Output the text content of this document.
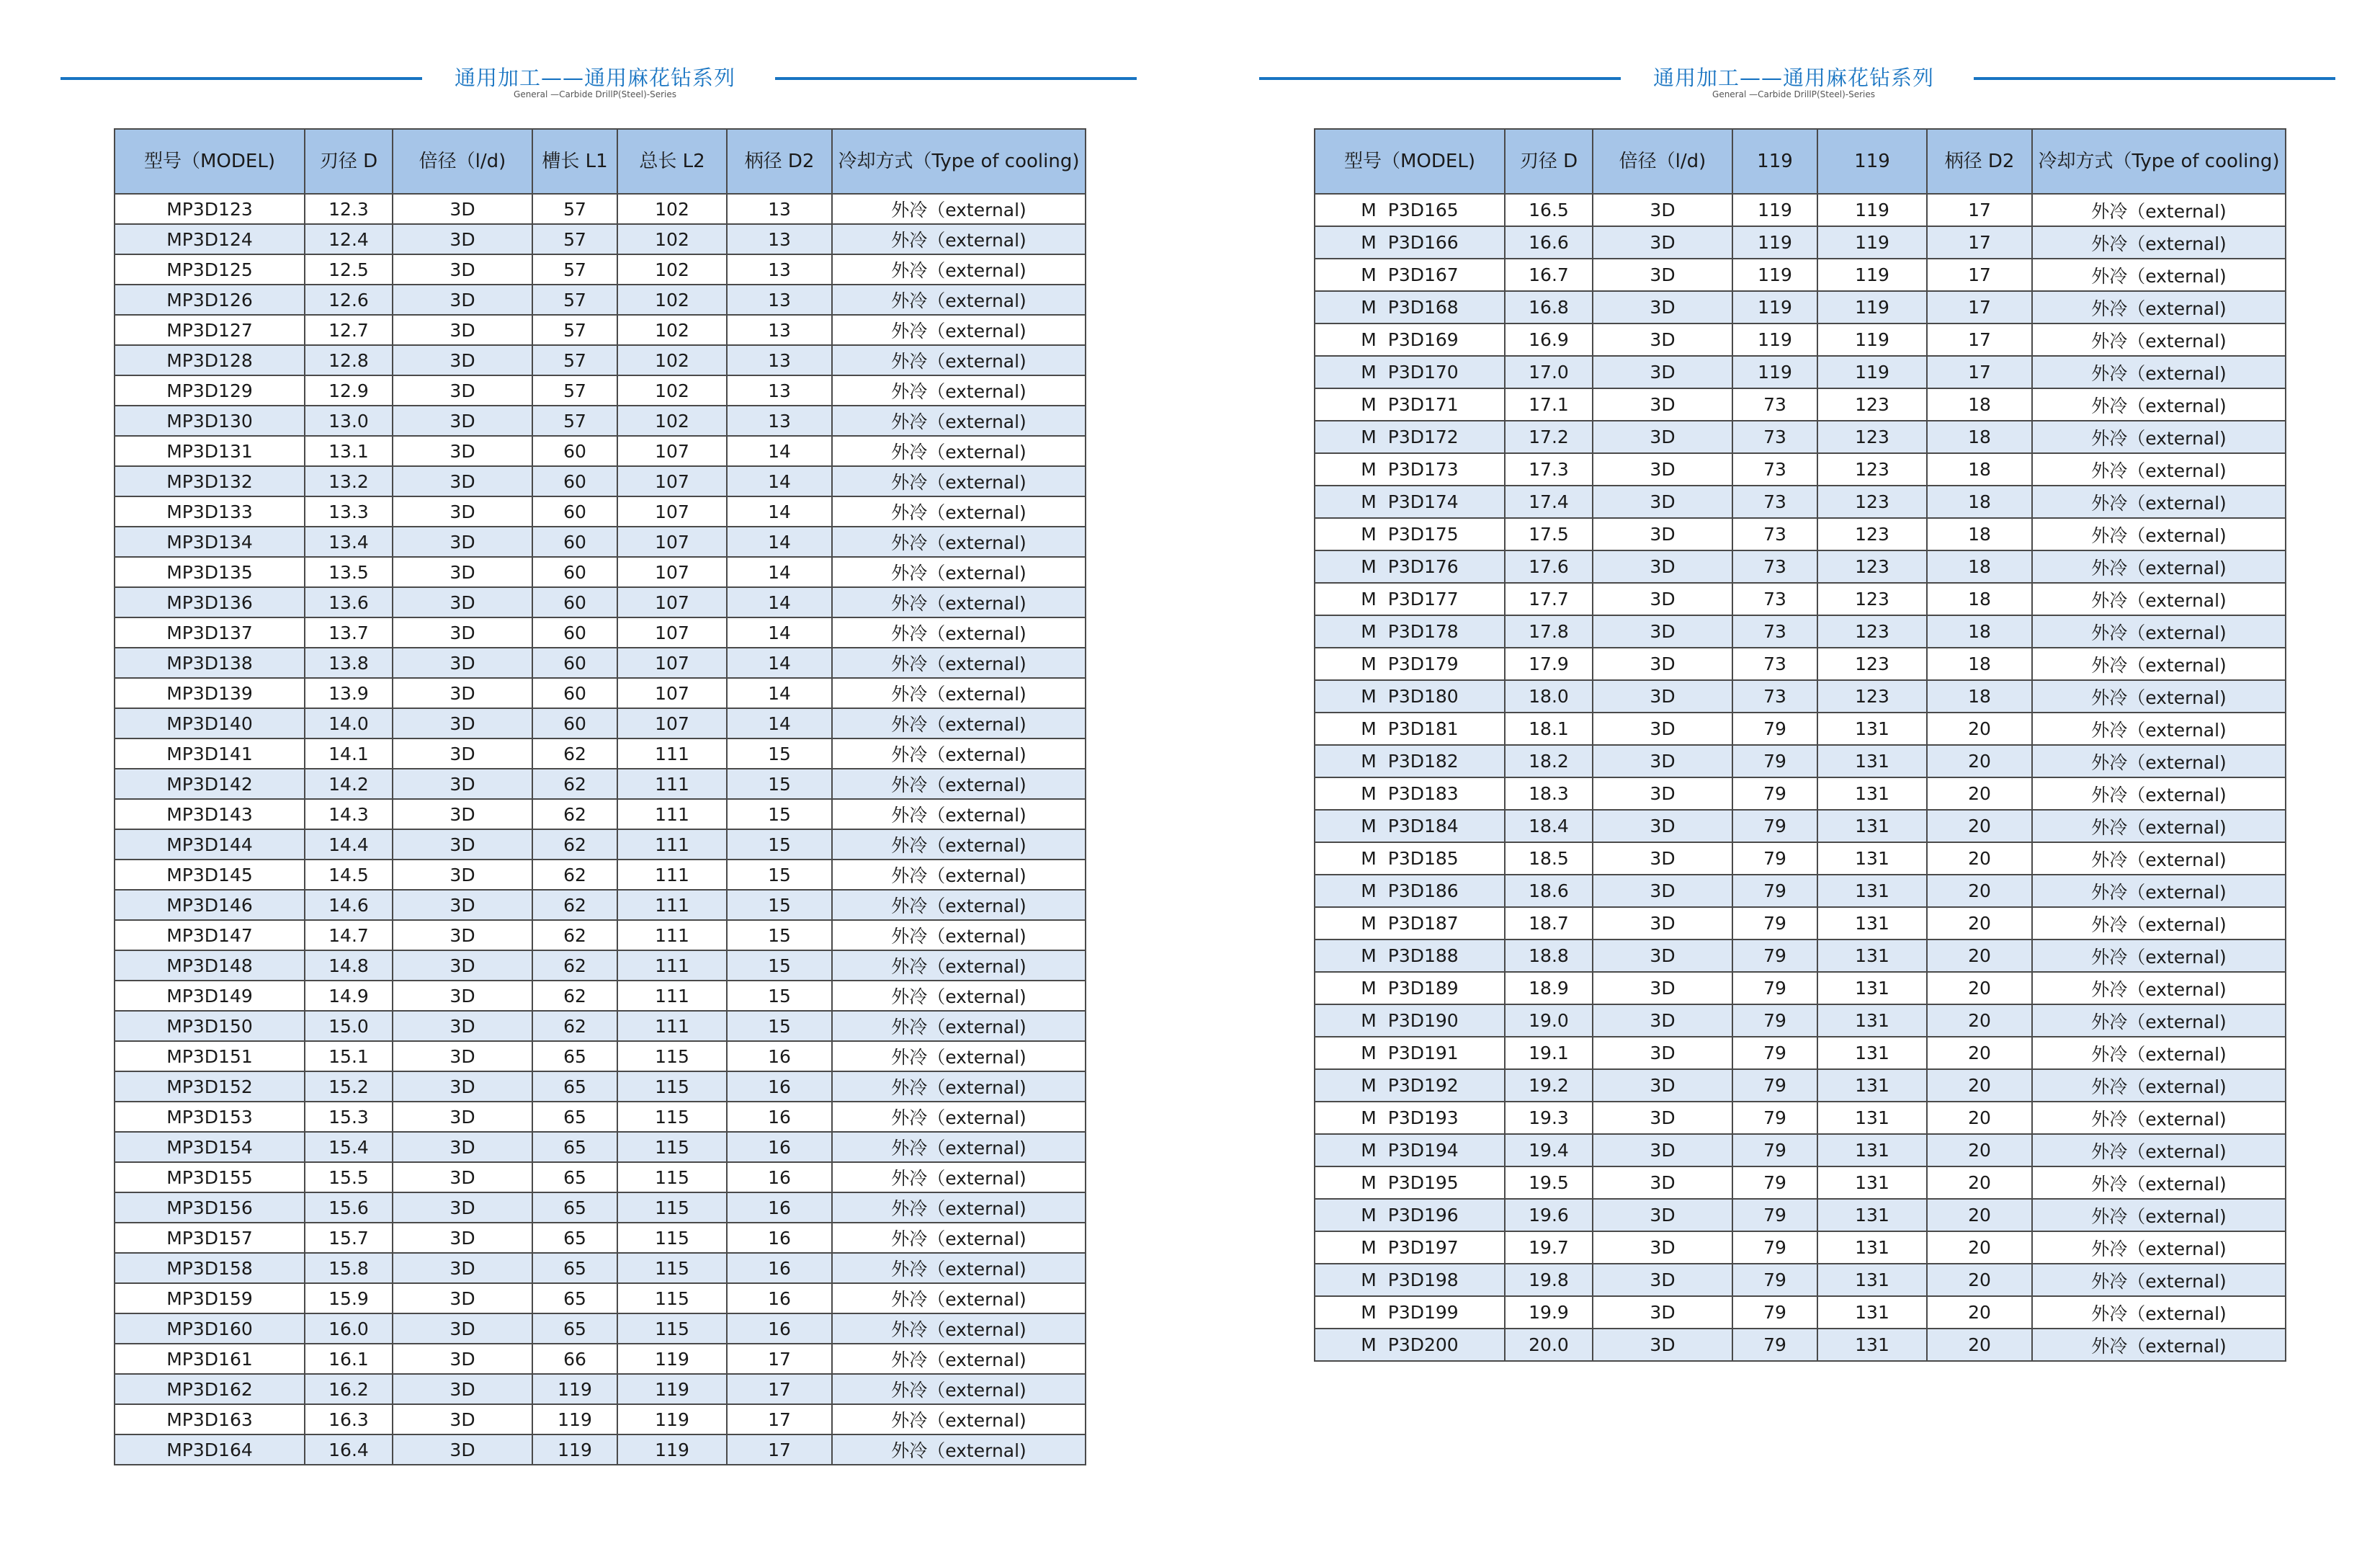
通用加工——通用麻花钻系列
General —Carbide DrillP(Steel)-Series
型号（MODEL)	刃径 D	倍径（l/d)	槽长 L1	总长 L2	柄径 D2	冷却方式（Type of cooling)
MP3D123	12.3	3D	57	102	13	外冷（external)
MP3D124	12.4	3D	57	102	13	外冷（external)
MP3D125	12.5	3D	57	102	13	外冷（external)
MP3D126	12.6	3D	57	102	13	外冷（external)
MP3D127	12.7	3D	57	102	13	外冷（external)
MP3D128	12.8	3D	57	102	13	外冷（external)
MP3D129	12.9	3D	57	102	13	外冷（external)
MP3D130	13.0	3D	57	102	13	外冷（external)
MP3D131	13.1	3D	60	107	14	外冷（external)
MP3D132	13.2	3D	60	107	14	外冷（external)
MP3D133	13.3	3D	60	107	14	外冷（external)
MP3D134	13.4	3D	60	107	14	外冷（external)
MP3D135	13.5	3D	60	107	14	外冷（external)
MP3D136	13.6	3D	60	107	14	外冷（external)
MP3D137	13.7	3D	60	107	14	外冷（external)
MP3D138	13.8	3D	60	107	14	外冷（external)
MP3D139	13.9	3D	60	107	14	外冷（external)
MP3D140	14.0	3D	60	107	14	外冷（external)
MP3D141	14.1	3D	62	111	15	外冷（external)
MP3D142	14.2	3D	62	111	15	外冷（external)
MP3D143	14.3	3D	62	111	15	外冷（external)
MP3D144	14.4	3D	62	111	15	外冷（external)
MP3D145	14.5	3D	62	111	15	外冷（external)
MP3D146	14.6	3D	62	111	15	外冷（external)
MP3D147	14.7	3D	62	111	15	外冷（external)
MP3D148	14.8	3D	62	111	15	外冷（external)
MP3D149	14.9	3D	62	111	15	外冷（external)
MP3D150	15.0	3D	62	111	15	外冷（external)
MP3D151	15.1	3D	65	115	16	外冷（external)
MP3D152	15.2	3D	65	115	16	外冷（external)
MP3D153	15.3	3D	65	115	16	外冷（external)
MP3D154	15.4	3D	65	115	16	外冷（external)
MP3D155	15.5	3D	65	115	16	外冷（external)
MP3D156	15.6	3D	65	115	16	外冷（external)
MP3D157	15.7	3D	65	115	16	外冷（external)
MP3D158	15.8	3D	65	115	16	外冷（external)
MP3D159	15.9	3D	65	115	16	外冷（external)
MP3D160	16.0	3D	65	115	16	外冷（external)
MP3D161	16.1	3D	66	119	17	外冷（external)
MP3D162	16.2	3D	119	119	17	外冷（external)
MP3D163	16.3	3D	119	119	17	外冷（external)
MP3D164	16.4	3D	119	119	17	外冷（external)
通用加工——通用麻花钻系列
General —Carbide DrillP(Steel)-Series
型号（MODEL)	刃径 D	倍径（l/d)	119	119	柄径 D2	冷却方式（Type of cooling)
M  P3D165	16.5	3D	119	119	17	外冷（external)
M  P3D166	16.6	3D	119	119	17	外冷（external)
M  P3D167	16.7	3D	119	119	17	外冷（external)
M  P3D168	16.8	3D	119	119	17	外冷（external)
M  P3D169	16.9	3D	119	119	17	外冷（external)
M  P3D170	17.0	3D	119	119	17	外冷（external)
M  P3D171	17.1	3D	73	123	18	外冷（external)
M  P3D172	17.2	3D	73	123	18	外冷（external)
M  P3D173	17.3	3D	73	123	18	外冷（external)
M  P3D174	17.4	3D	73	123	18	外冷（external)
M  P3D175	17.5	3D	73	123	18	外冷（external)
M  P3D176	17.6	3D	73	123	18	外冷（external)
M  P3D177	17.7	3D	73	123	18	外冷（external)
M  P3D178	17.8	3D	73	123	18	外冷（external)
M  P3D179	17.9	3D	73	123	18	外冷（external)
M  P3D180	18.0	3D	73	123	18	外冷（external)
M  P3D181	18.1	3D	79	131	20	外冷（external)
M  P3D182	18.2	3D	79	131	20	外冷（external)
M  P3D183	18.3	3D	79	131	20	外冷（external)
M  P3D184	18.4	3D	79	131	20	外冷（external)
M  P3D185	18.5	3D	79	131	20	外冷（external)
M  P3D186	18.6	3D	79	131	20	外冷（external)
M  P3D187	18.7	3D	79	131	20	外冷（external)
M  P3D188	18.8	3D	79	131	20	外冷（external)
M  P3D189	18.9	3D	79	131	20	外冷（external)
M  P3D190	19.0	3D	79	131	20	外冷（external)
M  P3D191	19.1	3D	79	131	20	外冷（external)
M  P3D192	19.2	3D	79	131	20	外冷（external)
M  P3D193	19.3	3D	79	131	20	外冷（external)
M  P3D194	19.4	3D	79	131	20	外冷（external)
M  P3D195	19.5	3D	79	131	20	外冷（external)
M  P3D196	19.6	3D	79	131	20	外冷（external)
M  P3D197	19.7	3D	79	131	20	外冷（external)
M  P3D198	19.8	3D	79	131	20	外冷（external)
M  P3D199	19.9	3D	79	131	20	外冷（external)
M  P3D200	20.0	3D	79	131	20	外冷（external)
